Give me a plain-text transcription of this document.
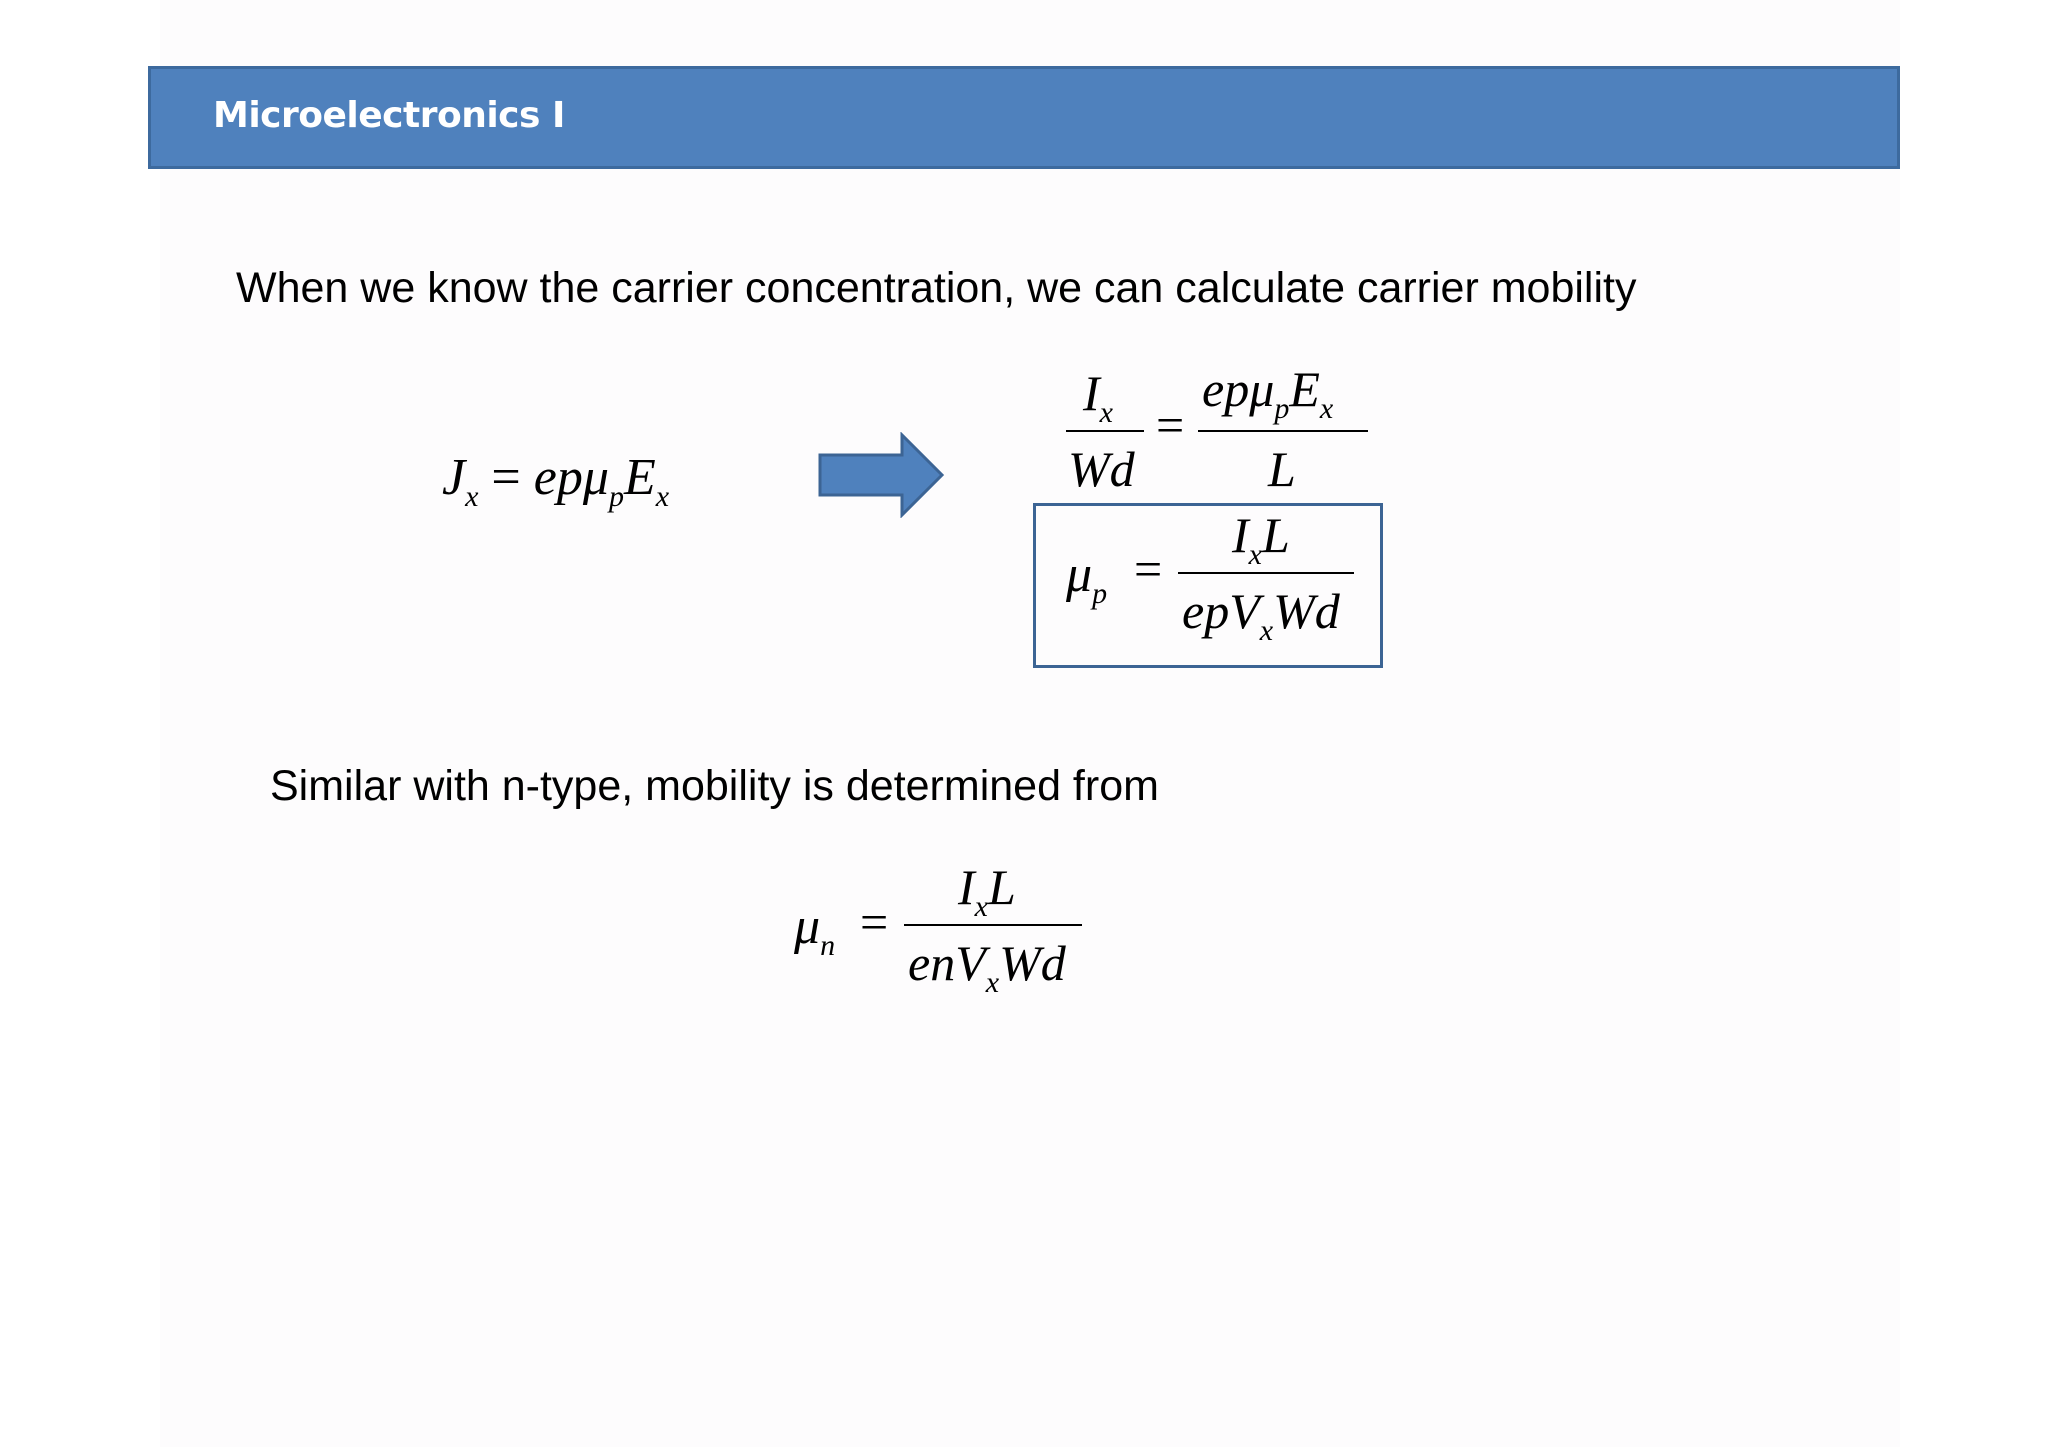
Microelectronics I
When we know the carrier concentration, we can calculate carrier mobility
$J_x = ep\mu_pE_x$
$I_x$
Wd
=
$ep\mu_pE_x$
L
$\mu_p$ =
$I_xL$
epV$_x$Wd
Similar with n-type, mobility is determined from
$\mu_n$ =
$I_xL$
enV$_x$Wd
